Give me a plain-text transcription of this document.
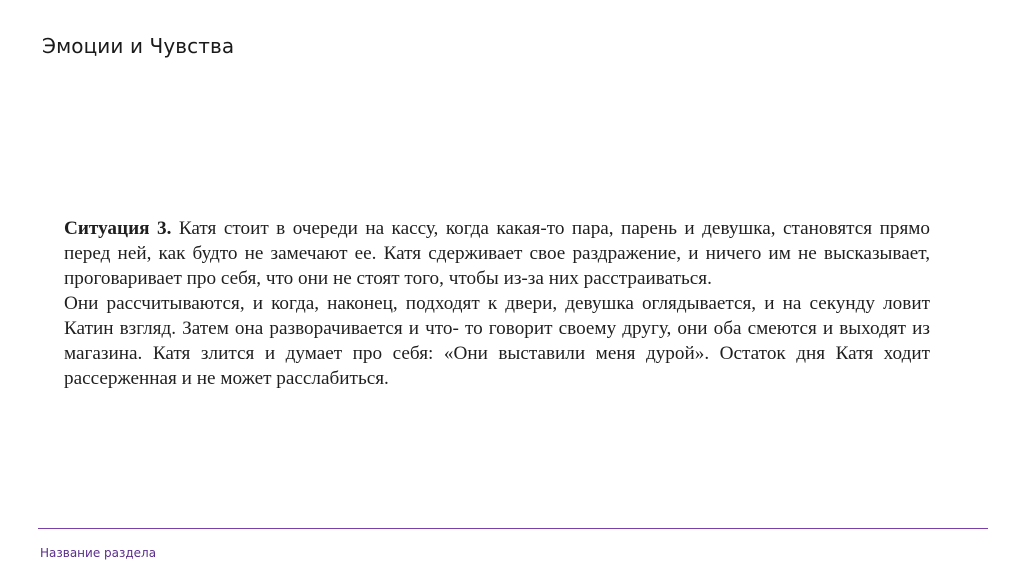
Эмоции и Чувства

Ситуация 3. Катя стоит в очереди на кассу, когда какая-то пара, парень и девушка, становятся прямо перед ней, как будто не замечают ее. Катя сдерживает свое раздражение, и ничего им не высказывает, проговаривает про себя, что они не стоят того, чтобы из-за них расстраиваться.

Они рассчитываются, и когда, наконец, подходят к двери, девушка оглядывается, и на секунду ловит Катин взгляд. Затем она разворачивается и что- то говорит своему другу, они оба смеются и выходят из магазина. Катя злится и думает про себя: «Они выставили меня дурой». Остаток дня Катя ходит рассерженная и не может расслабиться.

Название раздела
